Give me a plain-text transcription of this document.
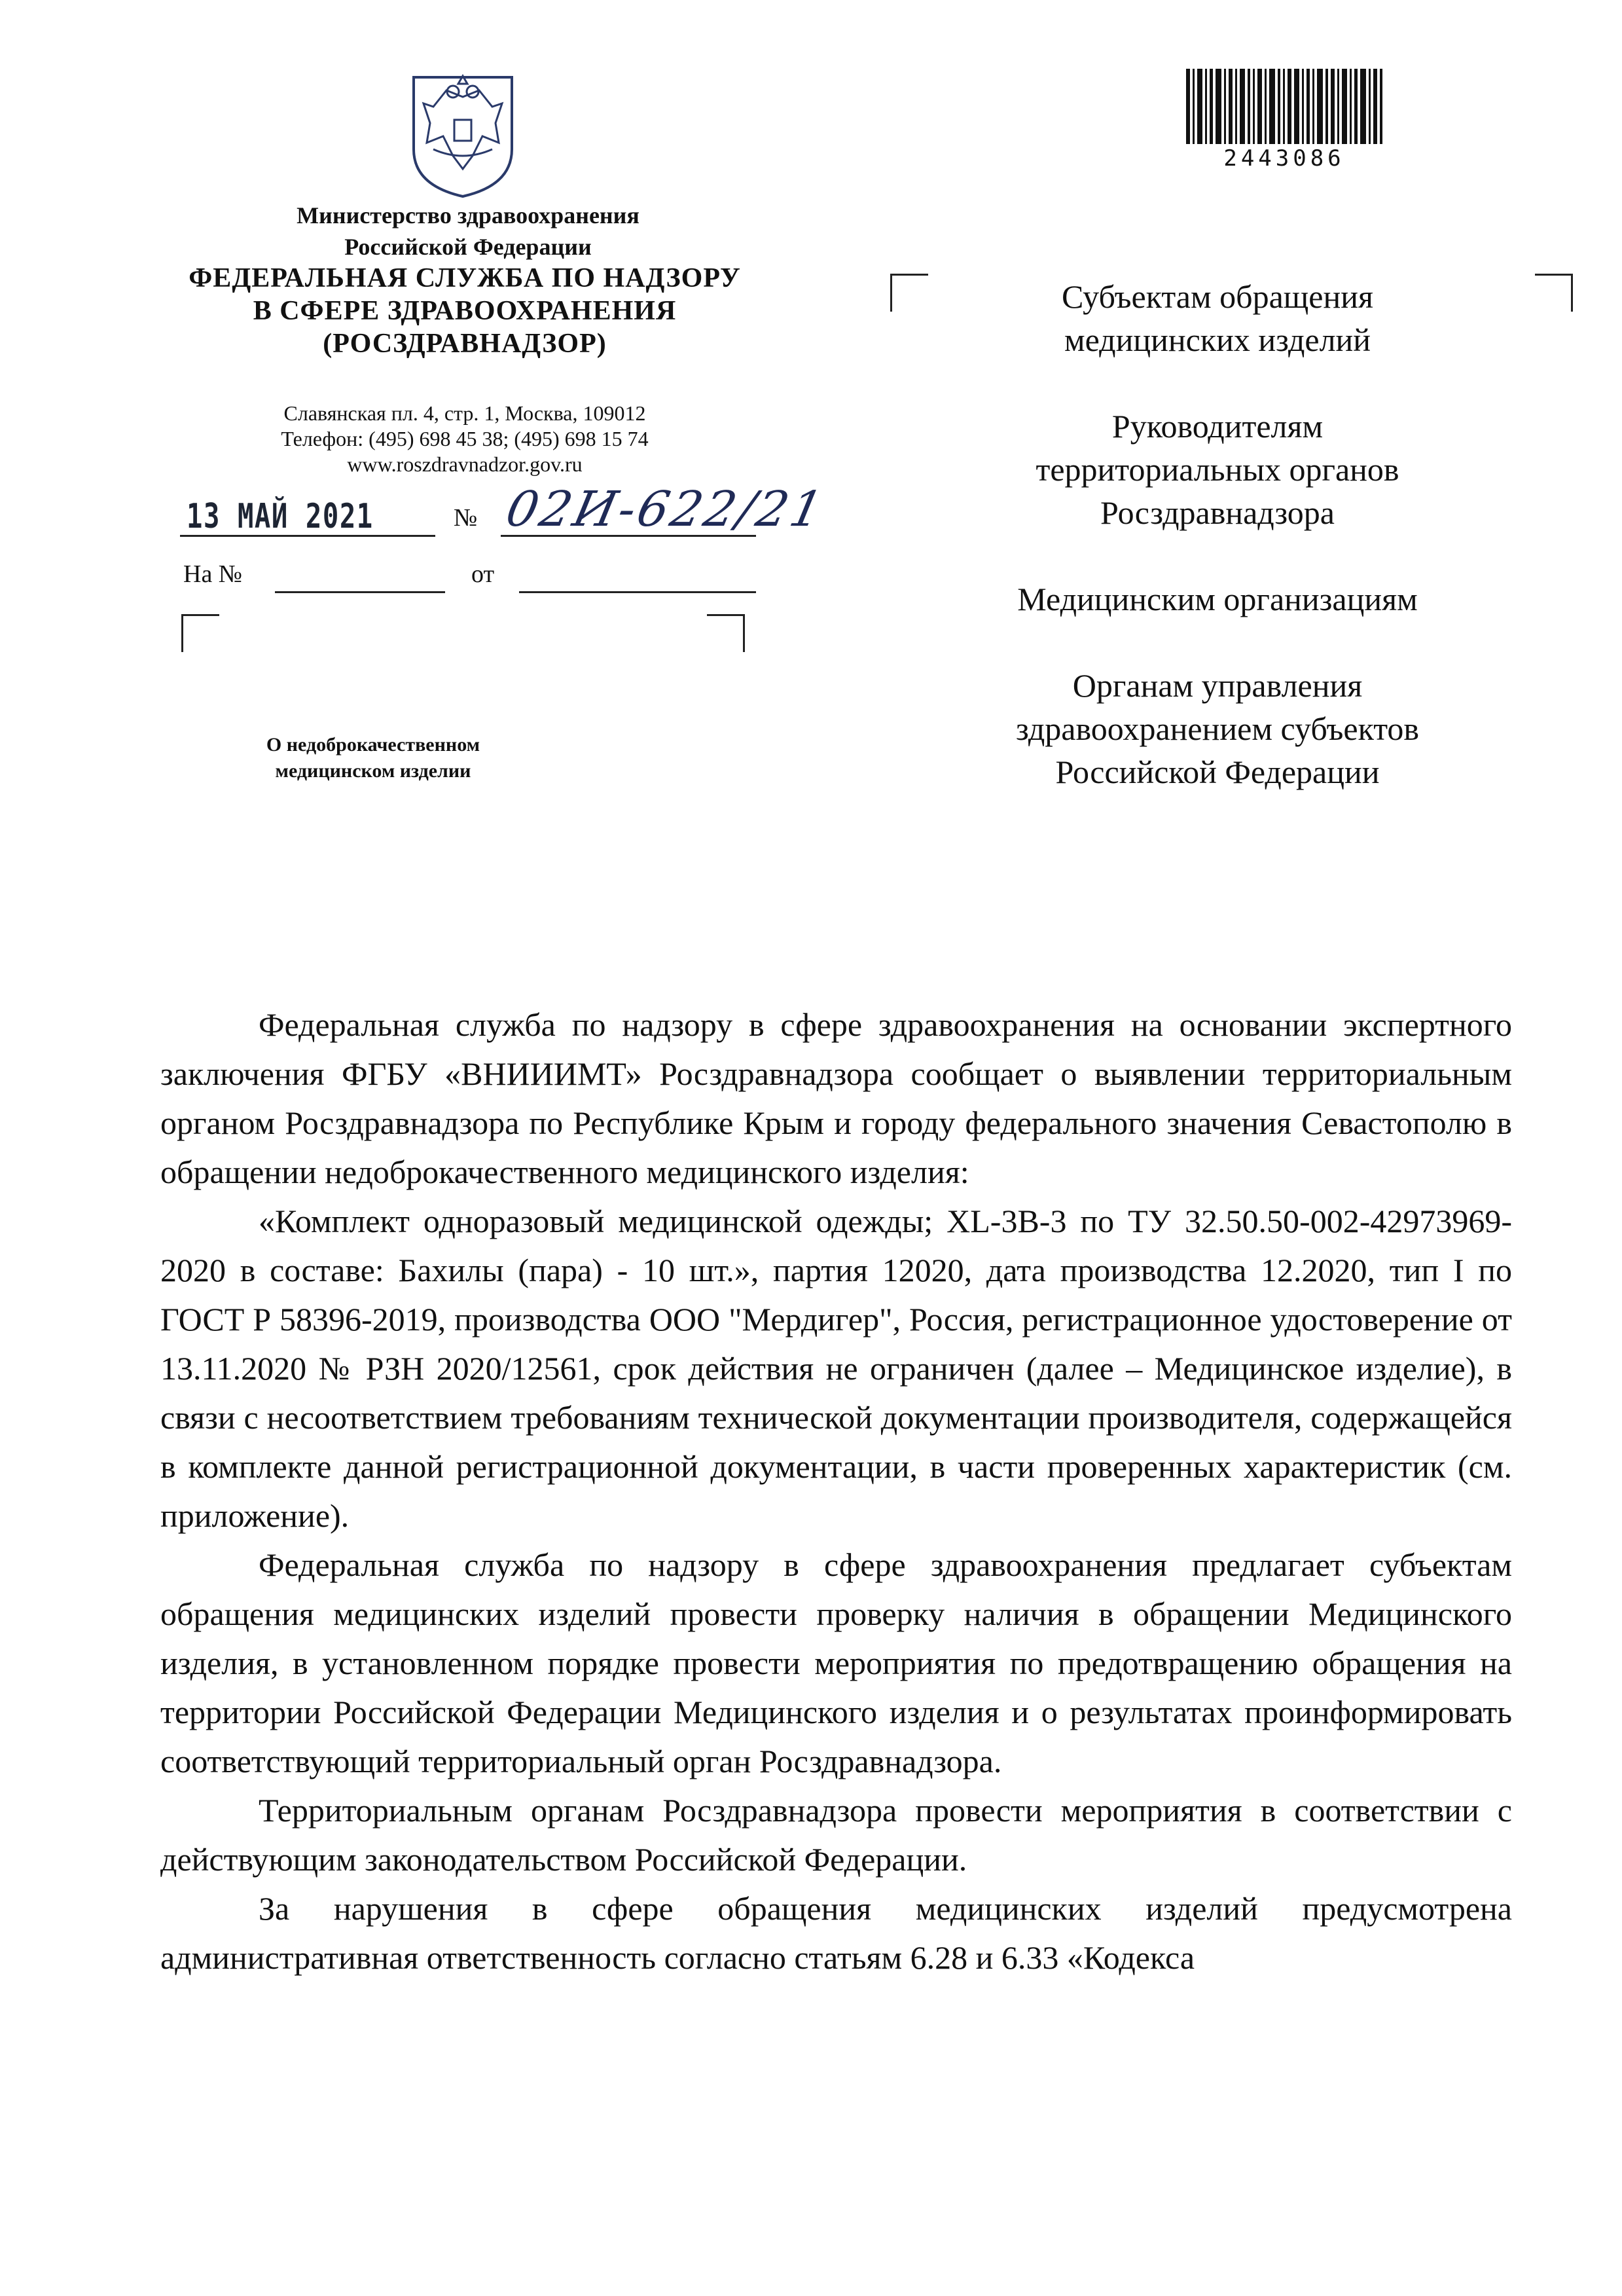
2443086
Министерство здравоохранения
Российской Федерации
ФЕДЕРАЛЬНАЯ СЛУЖБА ПО НАДЗОРУ
В СФЕРЕ ЗДРАВООХРАНЕНИЯ
(РОСЗДРАВНАДЗОР)
Славянская пл. 4, стр. 1, Москва, 109012
Телефон: (495) 698 45 38; (495) 698 15 74
www.roszdravnadzor.gov.ru
13 МАЙ 2021	№ 02И-622/21
На №	от
О недоброкачественном
медицинском изделии

Субъектам обращения
медицинских изделий

Руководителям
территориальных органов
Росздравнадзора

Медицинским организациям

Органам управления
здравоохранением субъектов
Российской Федерации

Федеральная служба по надзору в сфере здравоохранения на основании экспертного заключения ФГБУ «ВНИИИМТ» Росздравнадзора сообщает о выявлении территориальным органом Росздравнадзора по Республике Крым и городу федерального значения Севастополю в обращении недоброкачественного медицинского изделия:

«Комплект одноразовый медицинской одежды; XL-3B-3 по ТУ 32.50.50-002-42973969-2020 в составе: Бахилы (пара) - 10 шт.», партия 12020, дата производства 12.2020, тип I по ГОСТ Р 58396-2019, производства ООО "Мердигер", Россия, регистрационное удостоверение от 13.11.2020 № РЗН 2020/12561, срок действия не ограничен (далее – Медицинское изделие), в связи с несоответствием требованиям технической документации производителя, содержащейся в комплекте данной регистрационной документации, в части проверенных характеристик (см. приложение).

Федеральная служба по надзору в сфере здравоохранения предлагает субъектам обращения медицинских изделий провести проверку наличия в обращении Медицинского изделия, в установленном порядке провести мероприятия по предотвращению обращения на территории Российской Федерации Медицинского изделия и о результатах проинформировать соответствующий территориальный орган Росздравнадзора.

Территориальным органам Росздравнадзора провести мероприятия в соответствии с действующим законодательством Российской Федерации.

За нарушения в сфере обращения медицинских изделий предусмотрена административная ответственность согласно статьям 6.28 и 6.33 «Кодекса
